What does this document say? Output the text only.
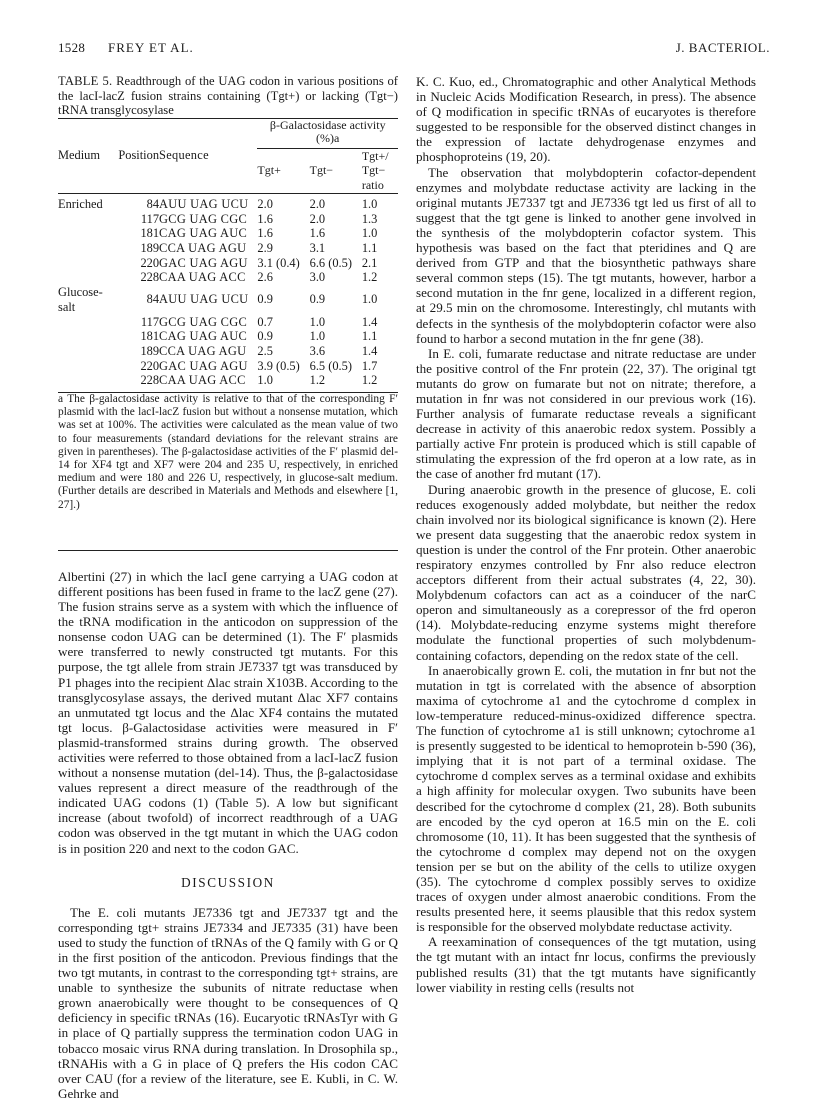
1528 FREY ET AL.	J. BACTERIOL.

TABLE 5. Readthrough of the UAG codon in various positions of the lacI-lacZ fusion strains containing (Tgt+) or lacking (Tgt−) tRNA transglycosylase

Medium	Position	Sequence	β-Galactosidase activity (%)a		
			Tgt+	Tgt−	Tgt+/ Tgt− ratio

Enriched	84	AUU UAG UCU	2.0	2.0	1.0
	117	GCG UAG CGC	1.6	2.0	1.3
	181	CAG UAG AUC	1.6	1.6	1.0
	189	CCA UAG AGU	2.9	3.1	1.1
	220	GAC UAG AGU	3.1 (0.4)	6.6 (0.5)	2.1
	228	CAA UAG ACC	2.6	3.0	1.2
Glucose-salt	84	AUU UAG UCU	0.9	0.9	1.0
	117	GCG UAG CGC	0.7	1.0	1.4
	181	CAG UAG AUC	0.9	1.0	1.1
	189	CCA UAG AGU	2.5	3.6	1.4
	220	GAC UAG AGU	3.9 (0.5)	6.5 (0.5)	1.7
	228	CAA UAG ACC	1.0	1.2	1.2

a The β-galactosidase activity is relative to that of the corresponding F′ plasmid with the lacI-lacZ fusion but without a nonsense mutation, which was set at 100%. The activities were calculated as the mean value of two to four measurements (standard deviations for the relevant strains are given in parentheses). The β-galactosidase activities of the F′ plasmid del-14 for XF4 tgt and XF7 were 204 and 235 U, respectively, in enriched medium and were 180 and 226 U, respectively, in glucose-salt medium. (Further details are described in Materials and Methods and elsewhere [1, 27].)

Albertini (27) in which the lacI gene carrying a UAG codon at different positions has been fused in frame to the lacZ gene (27). The fusion strains serve as a system with which the influence of the tRNA modification in the anticodon on suppression of the nonsense codon UAG can be determined (1). The F′ plasmids were transferred to newly constructed tgt mutants. For this purpose, the tgt allele from strain JE7337 tgt was transduced by P1 phages into the recipient Δlac strain X103B. According to the transglycosylase assays, the derived mutant Δlac XF7 contains an unmutated tgt locus and the Δlac XF4 contains the mutated tgt locus. β-Galactosidase activities were measured in F′ plasmid-transformed strains during growth. The observed activities were referred to those obtained from a lacI-lacZ fusion without a nonsense mutation (del-14). Thus, the β-galactosidase values represent a direct measure of the readthrough of the indicated UAG codons (1) (Table 5). A low but significant increase (about twofold) of incorrect readthrough of a UAG codon was observed in the tgt mutant in which the UAG codon is in position 220 and next to the codon GAC.

DISCUSSION

The E. coli mutants JE7336 tgt and JE7337 tgt and the corresponding tgt+ strains JE7334 and JE7335 (31) have been used to study the function of tRNAs of the Q family with G or Q in the first position of the anticodon. Previous findings that the two tgt mutants, in contrast to the corresponding tgt+ strains, are unable to synthesize the subunits of nitrate reductase when grown anaerobically were thought to be consequences of Q deficiency in specific tRNAs (16). Eucaryotic tRNAsTyr with G in place of Q partially suppress the termination codon UAG in tobacco mosaic virus RNA during translation. In Drosophila sp., tRNAHis with a G in place of Q prefers the His codon CAC over CAU (for a review of the literature, see E. Kubli, in C. W. Gehrke and

K. C. Kuo, ed., Chromatographic and other Analytical Methods in Nucleic Acids Modification Research, in press). The absence of Q modification in specific tRNAs of eucaryotes is therefore suggested to be responsible for the observed distinct changes in the expression of lactate dehydrogenase enzymes and phosphoproteins (19, 20).

The observation that molybdopterin cofactor-dependent enzymes and molybdate reductase activity are lacking in the original mutants JE7337 tgt and JE7336 tgt led us first of all to suggest that the tgt gene is linked to another gene involved in the synthesis of the molybdopterin cofactor system. This hypothesis was based on the fact that pteridines and Q are derived from GTP and that the biosynthetic pathways share several common steps (15). The tgt mutants, however, harbor a second mutation in the fnr gene, localized in a different region, at 29.5 min on the chromosome. Interestingly, chl mutants with defects in the synthesis of the molybdopterin cofactor were also found to harbor a second mutation in the fnr gene (38).

In E. coli, fumarate reductase and nitrate reductase are under the positive control of the Fnr protein (22, 37). The original tgt mutants do grow on fumarate but not on nitrate; therefore, a mutation in fnr was not considered in our previous work (16). Further analysis of fumarate reductase reveals a significant decrease in activity of this anaerobic redox system. Possibly a partially active Fnr protein is produced which is still capable of stimulating the expression of the frd operon at a low rate, as in the case of another frd mutant (17).

During anaerobic growth in the presence of glucose, E. coli reduces exogenously added molybdate, but neither the redox chain involved nor its biological significance is known (2). Here we present data suggesting that the anaerobic redox system in question is under the control of the Fnr protein. Other anaerobic respiratory enzymes controlled by Fnr also reduce electron acceptors different from their actual substrates (4, 22, 30). Molybdenum cofactors can act as a coinducer of the narC operon and simultaneously as a corepressor of the frd operon (14). Molybdate-reducing enzyme systems might therefore modulate the functional properties of such molybdenum-containing cofactors, depending on the redox state of the cell.

In anaerobically grown E. coli, the mutation in fnr but not the mutation in tgt is correlated with the absence of absorption maxima of cytochrome a1 and the cytochrome d complex in low-temperature reduced-minus-oxidized difference spectra. The function of cytochrome a1 is still unknown; cytochrome a1 is presently suggested to be identical to hemoprotein b-590 (36), implying that it is not part of a terminal oxidase. The cytochrome d complex serves as a terminal oxidase and exhibits a high affinity for molecular oxygen. Two subunits have been described for the cytochrome d complex (21, 28). Both subunits are encoded by the cyd operon at 16.5 min on the E. coli chromosome (10, 11). It has been suggested that the synthesis of the cytochrome d complex may depend not on the oxygen tension per se but on the ability of the cells to utilize oxygen (35). The cytochrome d complex possibly serves to oxidize traces of oxygen under almost anaerobic conditions. From the results presented here, it seems plausible that this redox system is responsible for the observed molybdate reductase activity.

A reexamination of consequences of the tgt mutation, using the tgt mutant with an intact fnr locus, confirms the previously published results (31) that the tgt mutants have significantly lower viability in resting cells (results not
